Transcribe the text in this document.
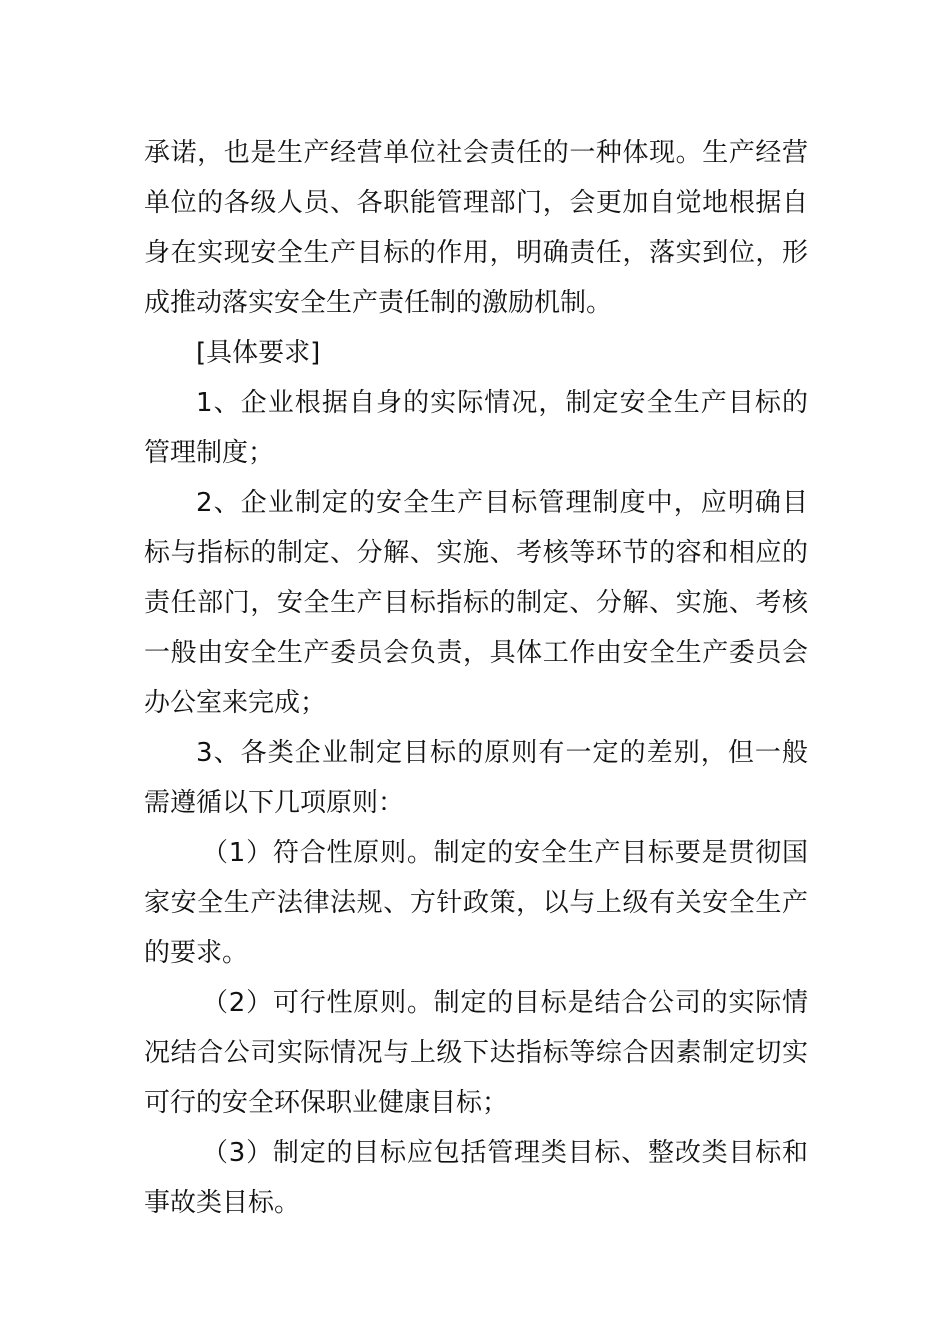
承诺，也是生产经营单位社会责任的一种体现。生产经营单位的各级人员、各职能管理部门，会更加自觉地根据自身在实现安全生产目标的作用，明确责任，落实到位，形成推动落实安全生产责任制的激励机制。

[具体要求]

1、企业根据自身的实际情况，制定安全生产目标的管理制度；

2、企业制定的安全生产目标管理制度中，应明确目标与指标的制定、分解、实施、考核等环节的容和相应的责任部门，安全生产目标指标的制定、分解、实施、考核一般由安全生产委员会负责，具体工作由安全生产委员会办公室来完成；

3、各类企业制定目标的原则有一定的差别，但一般需遵循以下几项原则：

（1）符合性原则。制定的安全生产目标要是贯彻国家安全生产法律法规、方针政策，以与上级有关安全生产的要求。

（2）可行性原则。制定的目标是结合公司的实际情况结合公司实际情况与上级下达指标等综合因素制定切实可行的安全环保职业健康目标；

（3）制定的目标应包括管理类目标、整改类目标和事故类目标。
